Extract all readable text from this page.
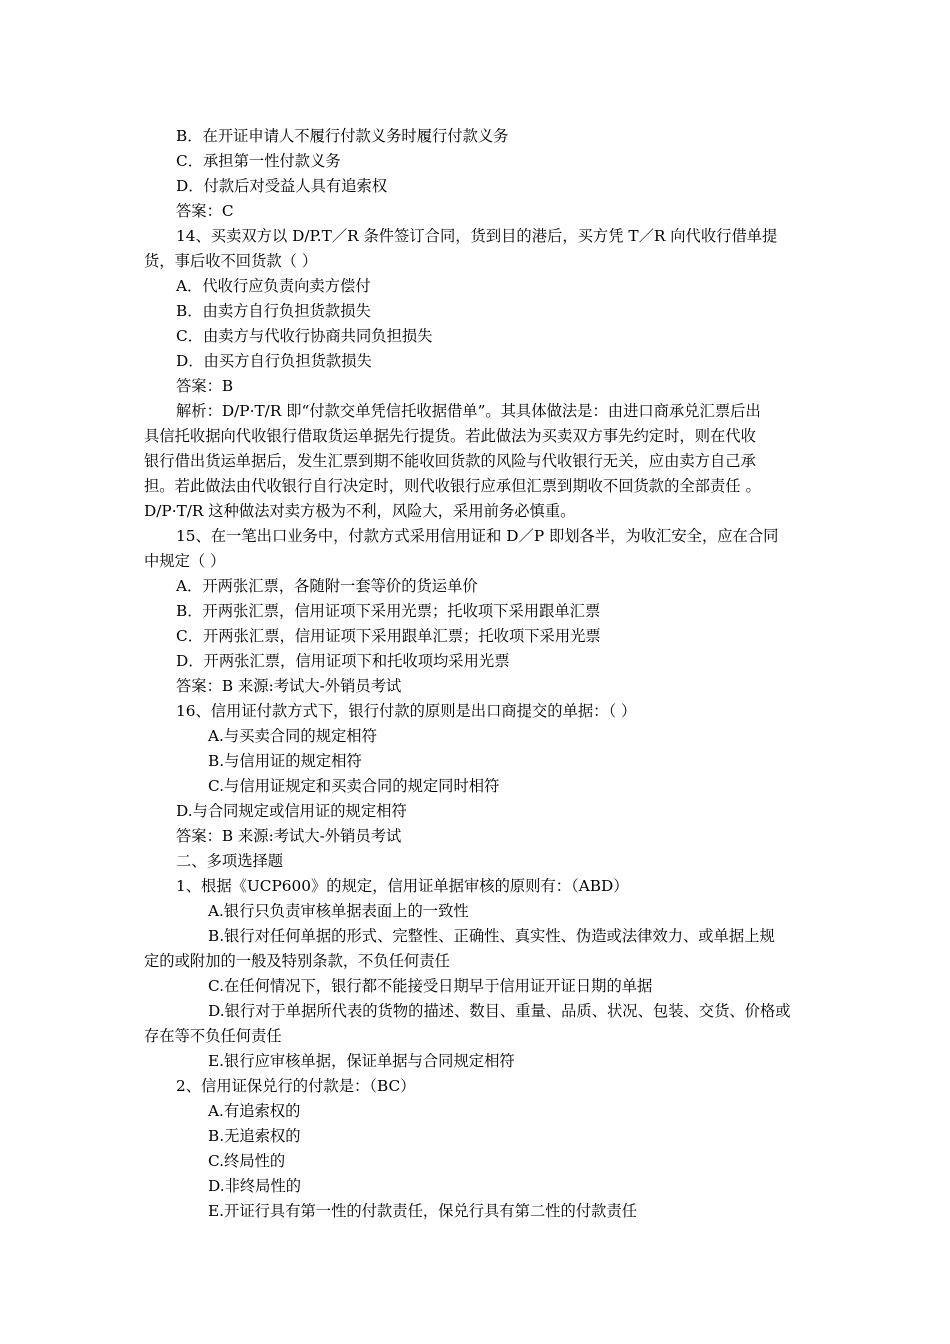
B．在开证申请人不履行付款义务时履行付款义务
C．承担第一性付款义务
D．付款后对受益人具有追索权
答案：C
14、买卖双方以 D/P.T／R 条件签订合同，货到目的港后，买方凭 T／R 向代收行借单提
货，事后收不回货款（ ）
A．代收行应负责向卖方偿付
B．由卖方自行负担货款损失
C．由卖方与代收行协商共同负担损失
D．由买方自行负担货款损失
答案：B
解析：D/P·T/R 即“付款交单凭信托收据借单”。其具体做法是：由进口商承兑汇票后出
具信托收据向代收银行借取货运单据先行提货。若此做法为买卖双方事先约定时，则在代收
银行借出货运单据后，发生汇票到期不能收回货款的风险与代收银行无关，应由卖方自己承
担。若此做法由代收银行自行决定时，则代收银行应承但汇票到期收不回货款的全部责任 。
D/P·T/R 这种做法对卖方极为不利，风险大，采用前务必慎重。
15、在一笔出口业务中，付款方式采用信用证和 D／P 即划各半，为收汇安全，应在合同
中规定（ ）
A．开两张汇票，各随附一套等价的货运单价
B．开两张汇票，信用证项下采用光票；托收项下采用跟单汇票
C．开两张汇票，信用证项下采用跟单汇票；托收项下采用光票
D．开两张汇票，信用证项下和托收项均采用光票
答案：B 来源:考试大-外销员考试
16、信用证付款方式下，银行付款的原则是出口商提交的单据：（ ）
A.与买卖合同的规定相符
B.与信用证的规定相符
C.与信用证规定和买卖合同的规定同时相符
D.与合同规定或信用证的规定相符
答案：B 来源:考试大-外销员考试
二、多项选择题
1、根据《UCP600》的规定，信用证单据审核的原则有：（ABD）
A.银行只负责审核单据表面上的一致性
B.银行对任何单据的形式、完整性、正确性、真实性、伪造或法律效力、或单据上规
定的或附加的一般及特别条款，不负任何责任
C.在任何情况下，银行都不能接受日期早于信用证开证日期的单据
D.银行对于单据所代表的货物的描述、数目、重量、品质、状况、包装、交货、价格或
存在等不负任何责任
E.银行应审核单据，保证单据与合同规定相符
2、信用证保兑行的付款是：（BC）
A.有追索权的
B.无追索权的
C.终局性的
D.非终局性的
E.开证行具有第一性的付款责任，保兑行具有第二性的付款责任
